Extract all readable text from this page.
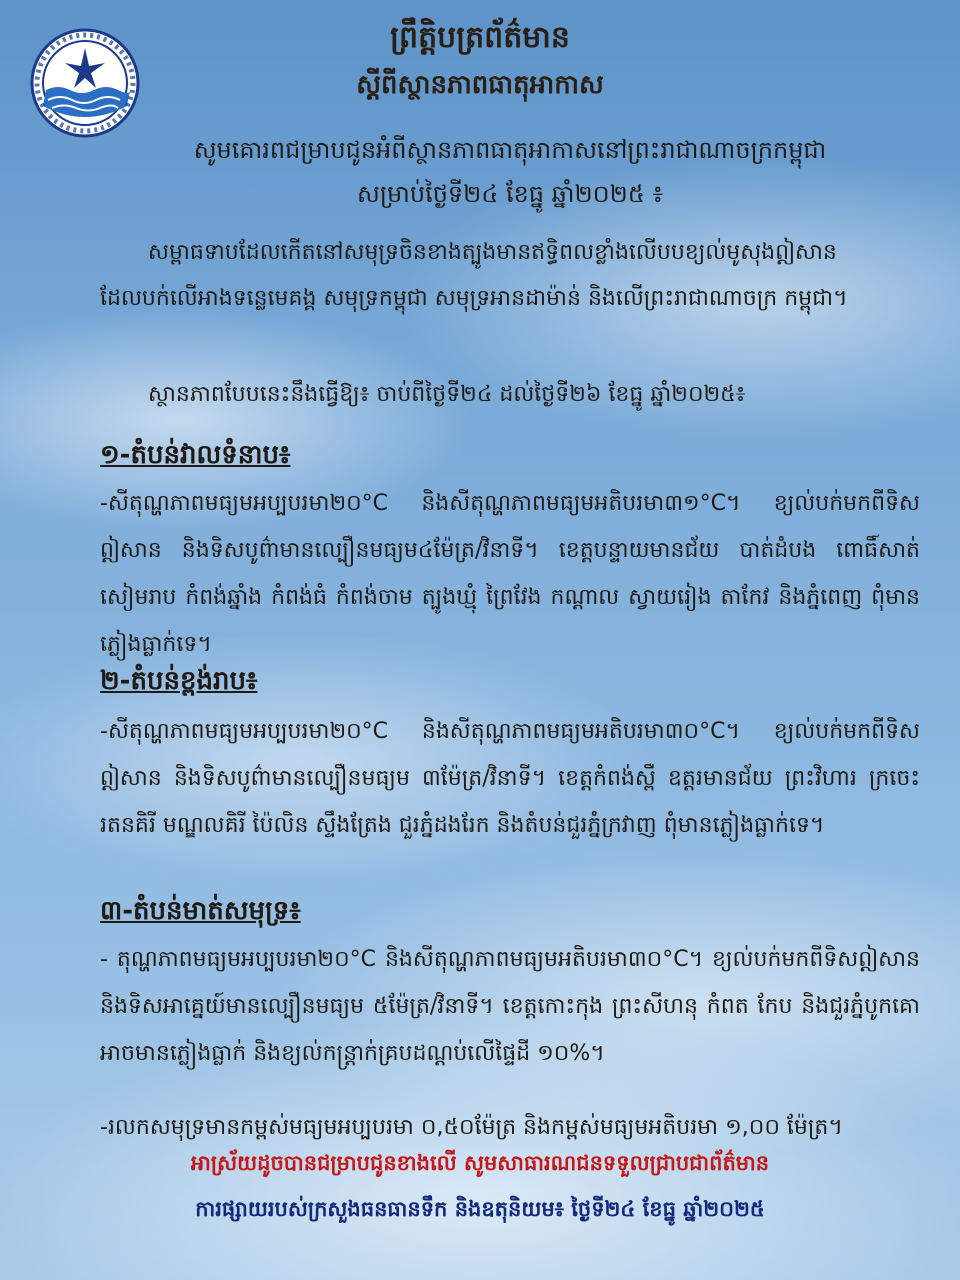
ព្រឹត្តិបត្រព័ត៌មាន
ស្តីពីស្ថានភាពធាតុអាកាស
សូមគោរពជម្រាបជូនអំពីស្ថានភាពធាតុអាកាសនៅព្រះរាជាណាចក្រកម្ពុជា
សម្រាប់ថ្ងៃទី២៤ ខែធ្នូ ឆ្នាំ២០២៥ ៖
សម្ពាធទាបដែលកើតនៅសមុទ្រចិនខាងត្បូងមានឥទ្ធិពលខ្លាំងលើបបខ្យល់មូសុងឦសាន ដែលបក់លើអាងទន្លេមេគង្គ សមុទ្រកម្ពុជា សមុទ្រអានដាម៉ាន់ និងលើព្រះរាជាណាចក្រ កម្ពុជា។
ស្ថានភាពបែបនេះនឹងធ្វើឱ្យ៖ ចាប់ពីថ្ងៃទី២៤ ដល់ថ្ងៃទី២៦ ខែធ្នូ ឆ្នាំ២០២៥៖
១-តំបន់វាលទំនាប៖
-សីតុណ្ហភាពមធ្យមអប្បបរមា២០°C និងសីតុណ្ហភាពមធ្យមអតិបរមា៣១°C។ ខ្យល់បក់មកពីទិសឦសាន និងទិសបូព៌ាមានល្បឿនមធ្យម៤ម៉ែត្រ/វិនាទី។ ខេត្តបន្ទាយមានជ័យ បាត់ដំបង ពោធិ៍សាត់ សៀមរាប កំពង់ឆ្នាំង កំពង់ធំ កំពង់ចាម ត្បូងឃ្មុំ ព្រៃវែង កណ្តាល ស្វាយរៀង តាកែវ និងភ្នំពេញ ពុំមានភ្លៀងធ្លាក់ទេ។
២-តំបន់ខ្ពង់រាប៖
-សីតុណ្ហភាពមធ្យមអប្បបរមា២០°C និងសីតុណ្ហភាពមធ្យមអតិបរមា៣០°C។ ខ្យល់បក់មកពីទិសឦសាន និងទិសបូព៌ាមានល្បឿនមធ្យម ៣ម៉ែត្រ/វិនាទី។ ខេត្តកំពង់ស្ពឺ ឧត្តរមានជ័យ ព្រះវិហារ ក្រចេះ រតនគិរី មណ្ឌលគិរី ប៉ៃលិន ស្ទឹងត្រែង ជួរភ្នំដងរែក និងតំបន់ជួរភ្នំក្រវាញ ពុំមានភ្លៀងធ្លាក់ទេ។
៣-តំបន់មាត់សមុទ្រ៖
- តុណ្ហភាពមធ្យមអប្បបរមា២០°C និងសីតុណ្ហភាពមធ្យមអតិបរមា៣០°C។ ខ្យល់បក់មកពីទិសឦសាន និងទិសអាគ្នេយ៍មានល្បឿនមធ្យម ៥ម៉ែត្រ/វិនាទី។ ខេត្តកោះកុង ព្រះសីហនុ កំពត កែប និងជួរភ្នំបូកគោ អាចមានភ្លៀងធ្លាក់ និងខ្យល់កន្ត្រាក់គ្របដណ្តប់លើផ្ទៃដី ១០%។
-រលកសមុទ្រមានកម្ពស់មធ្យមអប្បបរមា ០,៥០ម៉ែត្រ និងកម្ពស់មធ្យមអតិបរមា ១,០០ ម៉ែត្រ។
អាស្រ័យដូចបានជម្រាបជូនខាងលើ សូមសាធារណជនទទួលជ្រាបជាព័ត៌មាន
ការផ្សាយរបស់ក្រសួងធនធានទឹក និងឧតុនិយម៖ ថ្ងៃទី២៤ ខែធ្នូ ឆ្នាំ២០២៥
